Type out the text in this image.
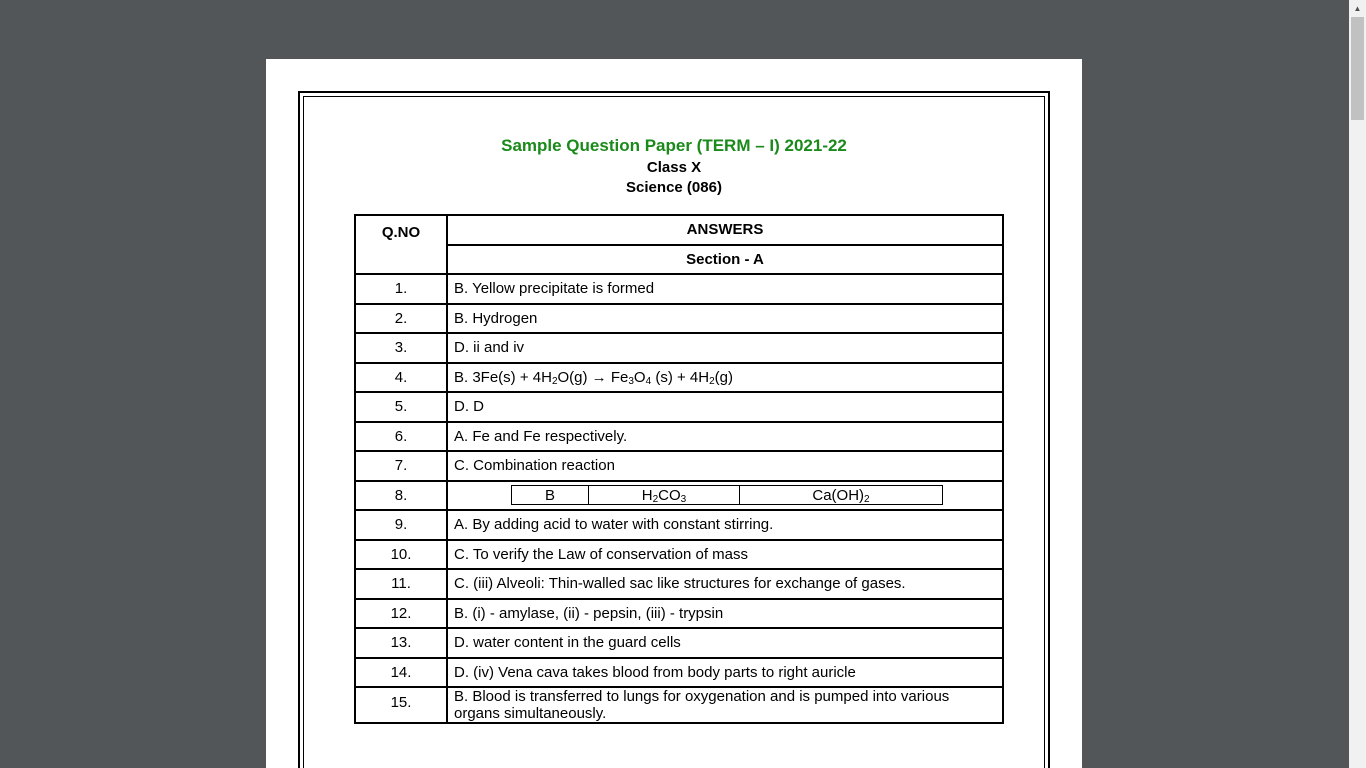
Sample Question Paper (TERM – I) 2021-22
Class X
Science (086)
Q.NO	ANSWERS
Section - A
1.	B. Yellow precipitate is formed
2.	B. Hydrogen
3.	D. ii and iv
4.	B. $3Fe(s) + 4H_2O(g) \to Fe_3O_4$ $(s) + 4H_2(g)$
5.	D. D
6.	A. Fe and Fe respectively.
7.	C. Combination reaction
8.		B	$H_2CO_3$	$Ca(OH)_2$

9.	A. By adding acid to water with constant stirring.
10.	C. To verify the Law of conservation of mass
11.	C. (iii) Alveoli: Thin-walled sac like structures for exchange of gases.
12.	B. (i) - amylase, (ii) - pepsin, (iii) - trypsin
13.	D. water content in the guard cells
14.	D. (iv) Vena cava takes blood from body parts to right auricle
15.	B. Blood is transferred to lungs for oxygenation and is pumped into various organs simultaneously.
▲
